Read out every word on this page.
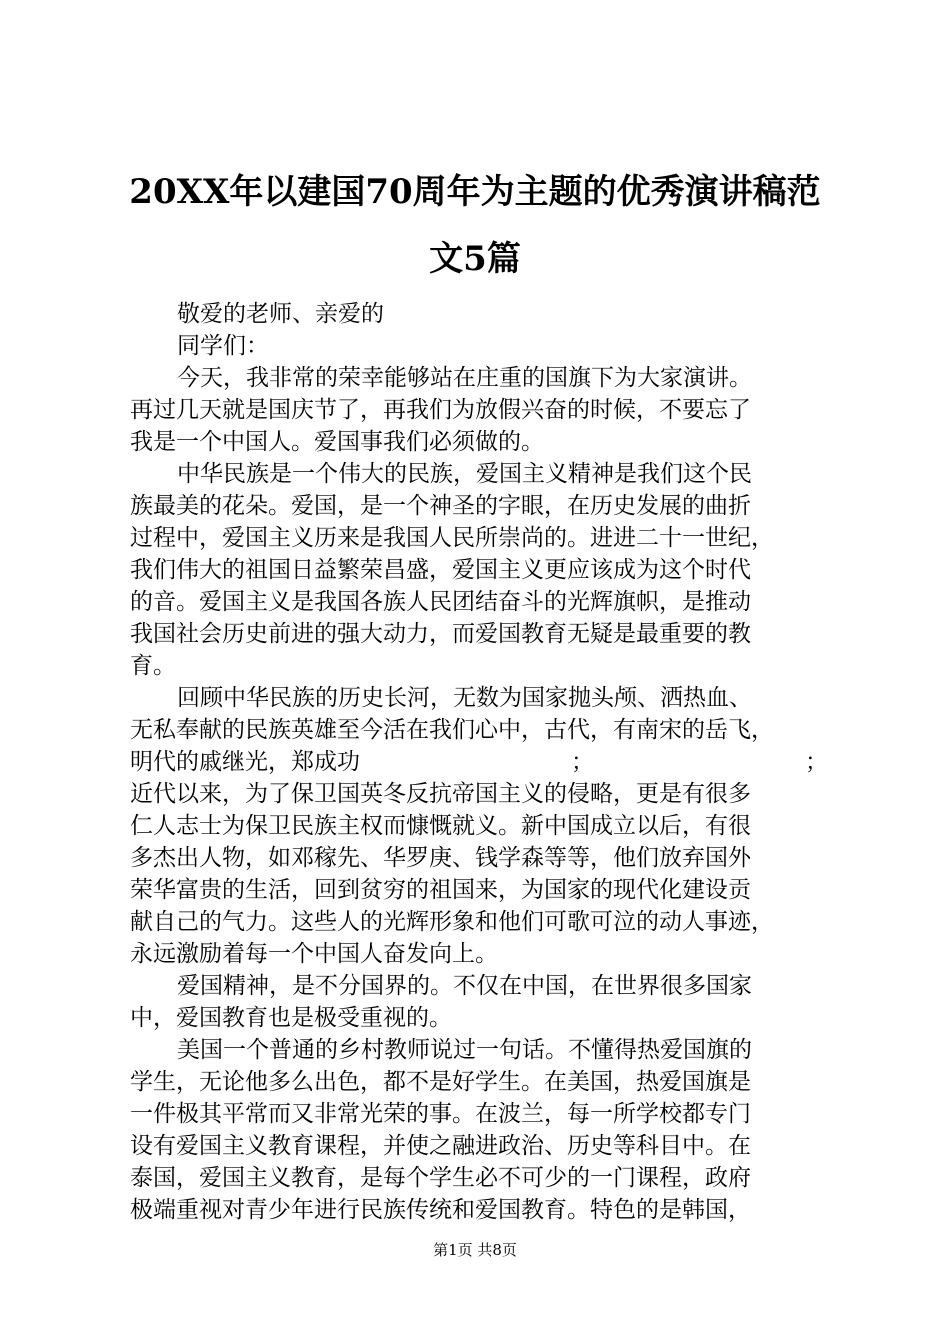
20XX年以建国70周年为主题的优秀演讲稿范
文5篇
敬爱的老师、亲爱的
同学们：
今天，我非常的荣幸能够站在庄重的国旗下为大家演讲。
再过几天就是国庆节了，再我们为放假兴奋的时候，不要忘了
我是一个中国人。爱国事我们必须做的。
中华民族是一个伟大的民族，爱国主义精神是我们这个民
族最美的花朵。爱国，是一个神圣的字眼，在历史发展的曲折
过程中，爱国主义历来是我国人民所崇尚的。进进二十一世纪，
我们伟大的祖国日益繁荣昌盛，爱国主义更应该成为这个时代
的音。爱国主义是我国各族人民团结奋斗的光辉旗帜，是推动
我国社会历史前进的强大动力，而爱国教育无疑是最重要的教
育。
回顾中华民族的历史长河，无数为国家抛头颅、洒热血、
无私奉献的民族英雄至今活在我们心中，古代，有南宋的岳飞，
明代的戚继光，郑成功	；	；
近代以来，为了保卫国英冬反抗帝国主义的侵略，更是有很多
仁人志士为保卫民族主权而慷慨就义。新中国成立以后，有很
多杰出人物，如邓稼先、华罗庚、钱学森等等，他们放弃国外
荣华富贵的生活，回到贫穷的祖国来，为国家的现代化建设贡
献自己的气力。这些人的光辉形象和他们可歌可泣的动人事迹，
永远激励着每一个中国人奋发向上。
爱国精神，是不分国界的。不仅在中国，在世界很多国家
中，爱国教育也是极受重视的。
美国一个普通的乡村教师说过一句话。不懂得热爱国旗的
学生，无论他多么出色，都不是好学生。在美国，热爱国旗是
一件极其平常而又非常光荣的事。在波兰，每一所学校都专门
设有爱国主义教育课程，并使之融进政治、历史等科目中。在
泰国，爱国主义教育，是每个学生必不可少的一门课程，政府
极端重视对青少年进行民族传统和爱国教育。特色的是韩国，
第1页 共8页
